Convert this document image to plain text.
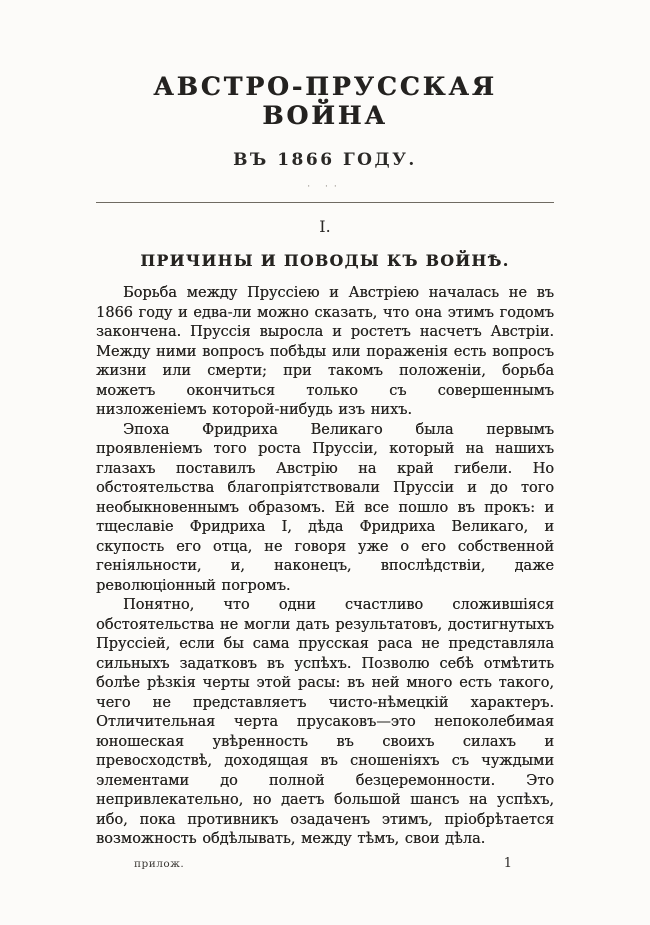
АВСТРО-ПРУССКАЯ ВОЙНА
ВЪ 1866 ГОДУ.
· ··
I.
ПРИЧИНЫ И ПОВОДЫ КЪ ВОЙНѢ.

Борьба между Пруссіею и Австріею началась не въ 1866 году и едва-ли можно сказать, что она этимъ годомъ закончена. Пруссія выросла и ростетъ насчетъ Австріи. Между ними вопросъ побѣды или пораженія есть вопросъ жизни или смерти; при такомъ положеніи, борьба можетъ окончиться только съ совершеннымъ низложеніемъ которой-нибудь изъ нихъ.

Эпоха Фридриха Великаго была первымъ проявленіемъ того роста Пруссіи, который на нашихъ глазахъ поставилъ Австрію на край гибели. Но обстоятельства благопріятствовали Пруссіи и до того необыкновеннымъ образомъ. Ей все пошло въ прокъ: и тщеславіе Фридриха I, дѣда Фридриха Великаго, и скупость его отца, не говоря уже о его собственной геніяльности, и, наконецъ, впослѣдствіи, даже революціонный погромъ.

Понятно, что одни счастливо сложившіяся обстоятельства не могли дать результатовъ, достигнутыхъ Пруссіей, если бы сама прусская раса не представляла сильныхъ задатковъ въ успѣхъ. Позволю себѣ отмѣтить болѣе рѣзкія черты этой расы: въ ней много есть такого, чего не представляетъ чисто-нѣмецкій характеръ. Отличительная черта прусаковъ—это непоколебимая юношеская увѣренность въ своихъ силахъ и превосходствѣ, доходящая въ сношеніяхъ съ чуждыми элементами до полной безцеремонности. Это непривлекательно, но даетъ большой шансъ на успѣхъ, ибо, пока противникъ озадаченъ этимъ, пріобрѣтается возможность обдѣлывать, между тѣмъ, свои дѣла.

прилож.	1
